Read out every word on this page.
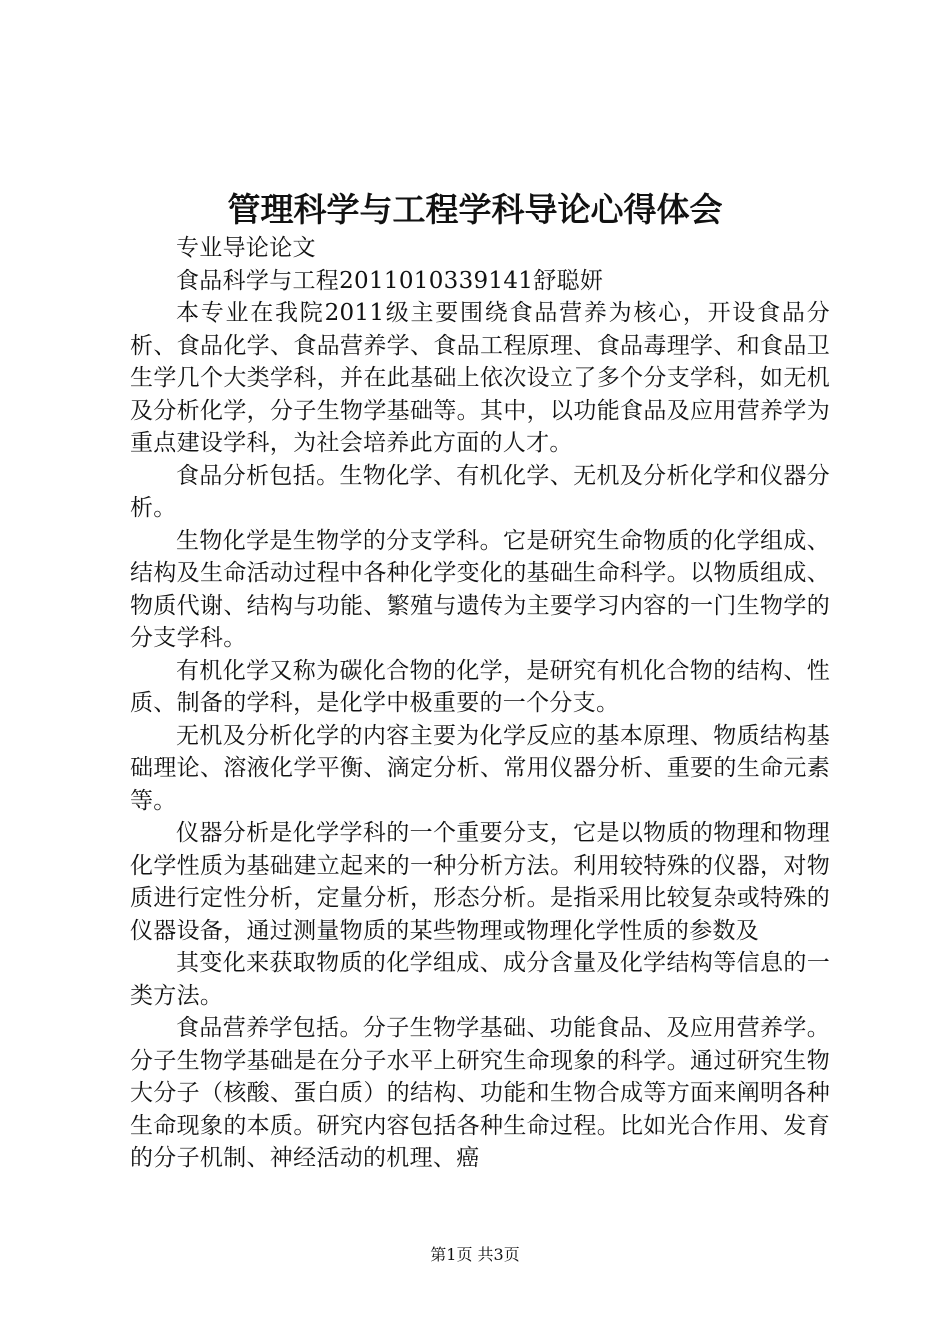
管理科学与工程学科导论心得体会

专业导论论文

食品科学与工程2011010339141舒聪妍

本专业在我院2011级主要围绕食品营养为核心，开设食品分析、食品化学、食品营养学、食品工程原理、食品毒理学、和食品卫生学几个大类学科，并在此基础上依次设立了多个分支学科，如无机及分析化学，分子生物学基础等。其中，以功能食品及应用营养学为重点建设学科，为社会培养此方面的人才。

食品分析包括。生物化学、有机化学、无机及分析化学和仪器分析。

生物化学是生物学的分支学科。它是研究生命物质的化学组成、结构及生命活动过程中各种化学变化的基础生命科学。以物质组成、物质代谢、结构与功能、繁殖与遗传为主要学习内容的一门生物学的分支学科。

有机化学又称为碳化合物的化学，是研究有机化合物的结构、性质、制备的学科，是化学中极重要的一个分支。

无机及分析化学的内容主要为化学反应的基本原理、物质结构基础理论、溶液化学平衡、滴定分析、常用仪器分析、重要的生命元素等。

仪器分析是化学学科的一个重要分支，它是以物质的物理和物理化学性质为基础建立起来的一种分析方法。利用较特殊的仪器，对物质进行定性分析，定量分析，形态分析。是指采用比较复杂或特殊的仪器设备，通过测量物质的某些物理或物理化学性质的参数及

其变化来获取物质的化学组成、成分含量及化学结构等信息的一类方法。

食品营养学包括。分子生物学基础、功能食品、及应用营养学。分子生物学基础是在分子水平上研究生命现象的科学。通过研究生物大分子（核酸、蛋白质）的结构、功能和生物合成等方面来阐明各种生命现象的本质。研究内容包括各种生命过程。比如光合作用、发育的分子机制、神经活动的机理、癌

第1页 共3页
